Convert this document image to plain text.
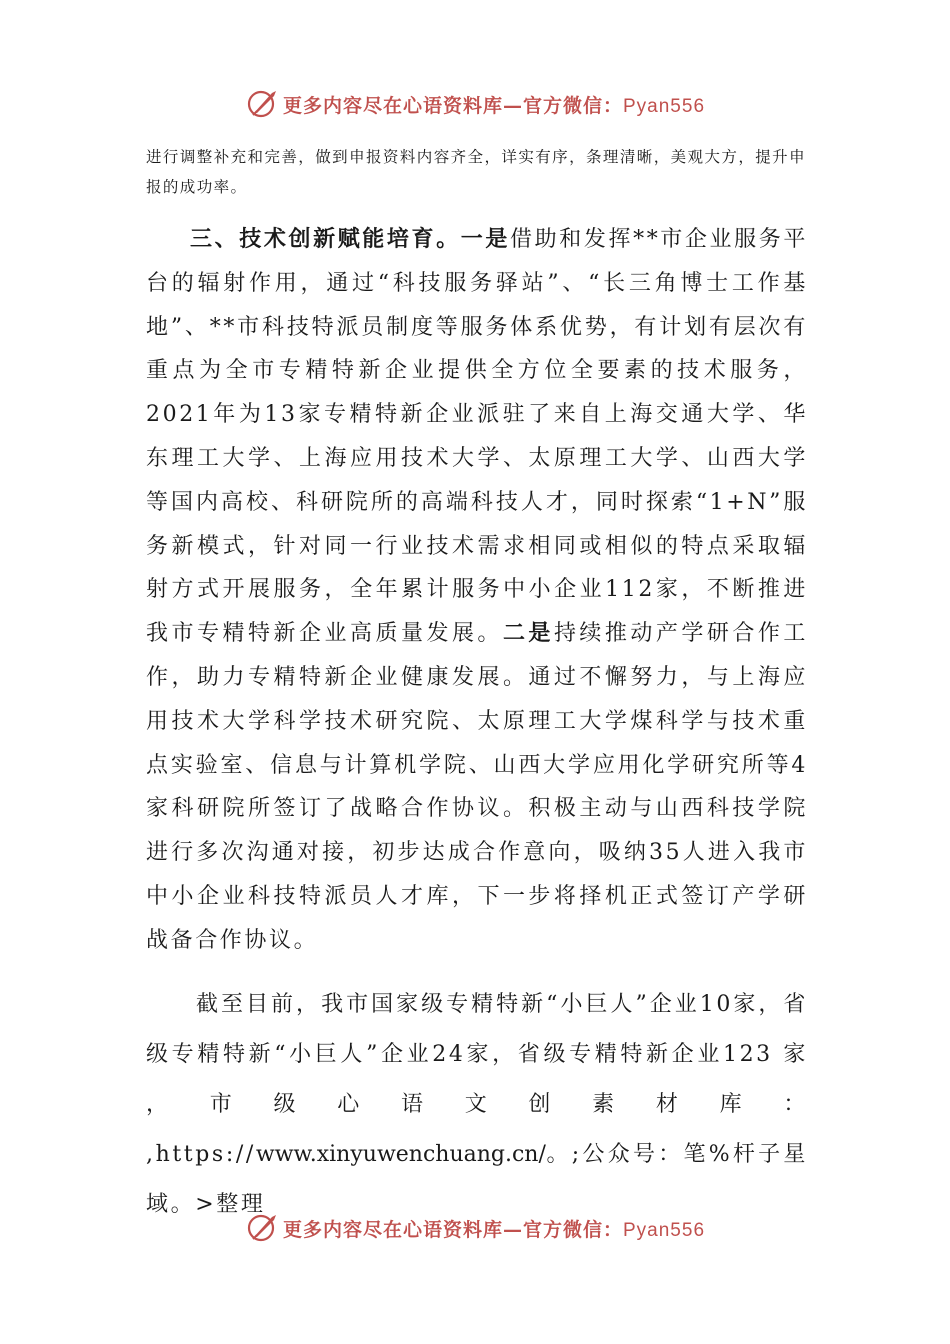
更多内容尽在心语资料库—官方微信：Pyan556

进行调整补充和完善，做到申报资料内容齐全，详实有序，条理清晰，美观大方，提升申报的成功率。

三、技术创新赋能培育。一是借助和发挥**市企业服务平台的辐射作用，通过“科技服务驿站”、“长三角博士工作基地”、**市科技特派员制度等服务体系优势，有计划有层次有重点为全市专精特新企业提供全方位全要素的技术服务，2021年为13家专精特新企业派驻了来自上海交通大学、华东理工大学、上海应用技术大学、太原理工大学、山西大学等国内高校、科研院所的高端科技人才，同时探索“1+N”服务新模式，针对同一行业技术需求相同或相似的特点采取辐射方式开展服务，全年累计服务中小企业112家，不断推进我市专精特新企业高质量发展。二是持续推动产学研合作工作，助力专精特新企业健康发展。通过不懈努力，与上海应用技术大学科学技术研究院、太原理工大学煤科学与技术重点实验室、信息与计算机学院、山西大学应用化学研究所等4家科研院所签订了战略合作协议。积极主动与山西科技学院进行多次沟通对接，初步达成合作意向，吸纳35人进入我市中小企业科技特派员人才库，下一步将择机正式签订产学研战备合作协议。

截至目前，我市国家级专精特新“小巨人”企业10家，省级专精特新“小巨人”企业24家，省级专精特新企业123 家 ， 市 级 心 语 文 创 素 材 库 ： ,https://www.xinyuwenchuang.cn/。;公众号：笔%杆子星域。>整理

更多内容尽在心语资料库—官方微信：Pyan556
